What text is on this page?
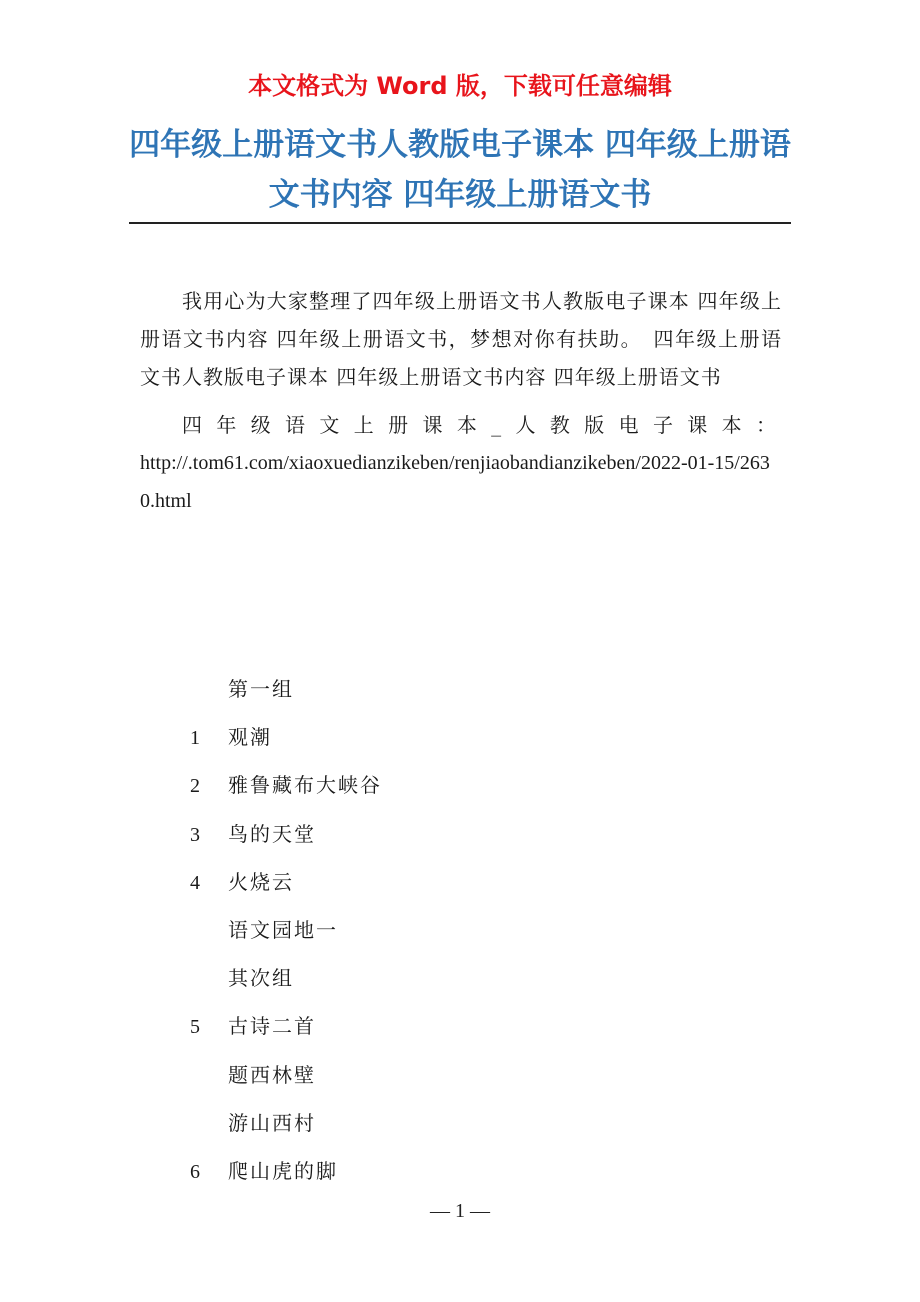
本文格式为 Word 版，下载可任意编辑
四年级上册语文书人教版电子课本 四年级上册语文书内容 四年级上册语文书

我用心为大家整理了四年级上册语文书人教版电子课本 四年级上册语文书内容 四年级上册语文书，梦想对你有扶助。　四年级上册语文书人教版电子课本 四年级上册语文书内容 四年级上册语文书

四年级语文上册课本_人教版电子课本：

http://.tom61.com/xiaoxuedianzikeben/renjiaobandianzikeben/2022-01-15/2630.html

第一组
1 观潮
2 雅鲁藏布大峡谷
3 鸟的天堂
4 火烧云
语文园地一
其次组
5 古诗二首
题西林壁
游山西村
6 爬山虎的脚
— 1 —
